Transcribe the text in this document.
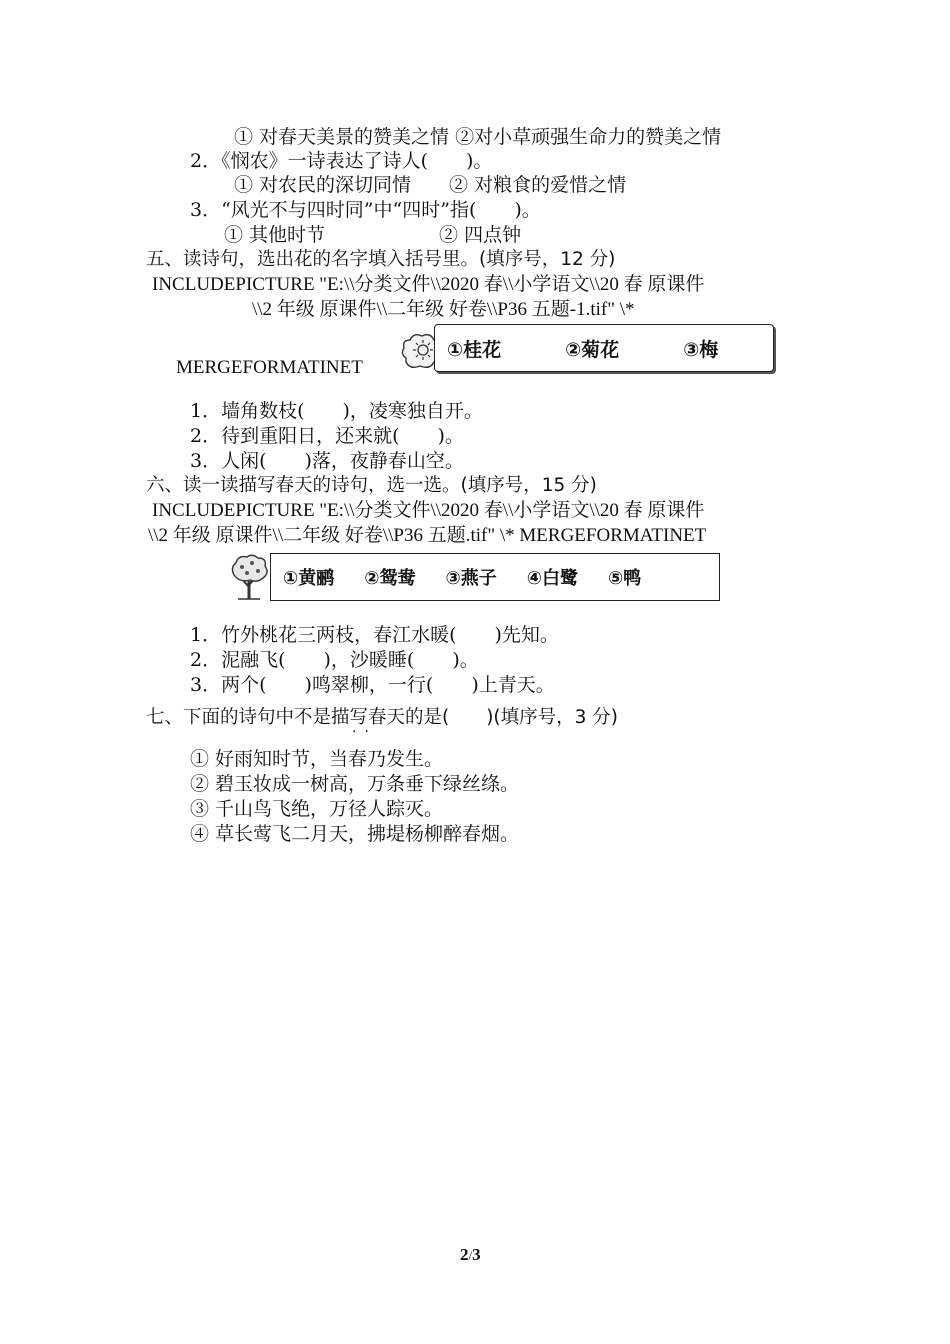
① 对春天美景的赞美之情 ②对小草顽强生命力的赞美之情
2．《悯农》一诗表达了诗人(　　)。
① 对农民的深切同情　　② 对粮食的爱惜之情
3．“风光不与四时同”中“四时”指(　　)。
① 其他时节　　　　　　② 四点钟
五、读诗句，选出花的名字填入括号里。(填序号，12 分)
INCLUDEPICTURE "E:\\分类文件\\2020 春\\小学语文\\20 春 原课件
\\2 年级 原课件\\二年级 好卷\\P36 五题-1.tif" \*
MERGEFORMATINET
①桂花	②菊花	③梅
1．墙角数枝(　　)，凌寒独自开。
2．待到重阳日，还来就(　　)。
3．人闲(　　)落，夜静春山空。
六、读一读描写春天的诗句，选一选。(填序号，15 分)
INCLUDEPICTURE "E:\\分类文件\\2020 春\\小学语文\\20 春 原课件
\\2 年级 原课件\\二年级 好卷\\P36 五题.tif" \* MERGEFORMATINET
①黄鹂 ②鸳鸯 ③燕子 ④白鹭 ⑤鸭
1．竹外桃花三两枝，春江水暖(　　)先知。
2．泥融飞(　　)，沙暖睡(　　)。
3．两个(　　)鸣翠柳，一行(　　)上青天。
七、下面的诗句中不是描写春天的是(　　)(填序号，3 分)
··
① 好雨知时节，当春乃发生。
② 碧玉妆成一树高，万条垂下绿丝绦。
③ 千山鸟飞绝，万径人踪灭。
④ 草长莺飞二月天，拂堤杨柳醉春烟。
2/3
